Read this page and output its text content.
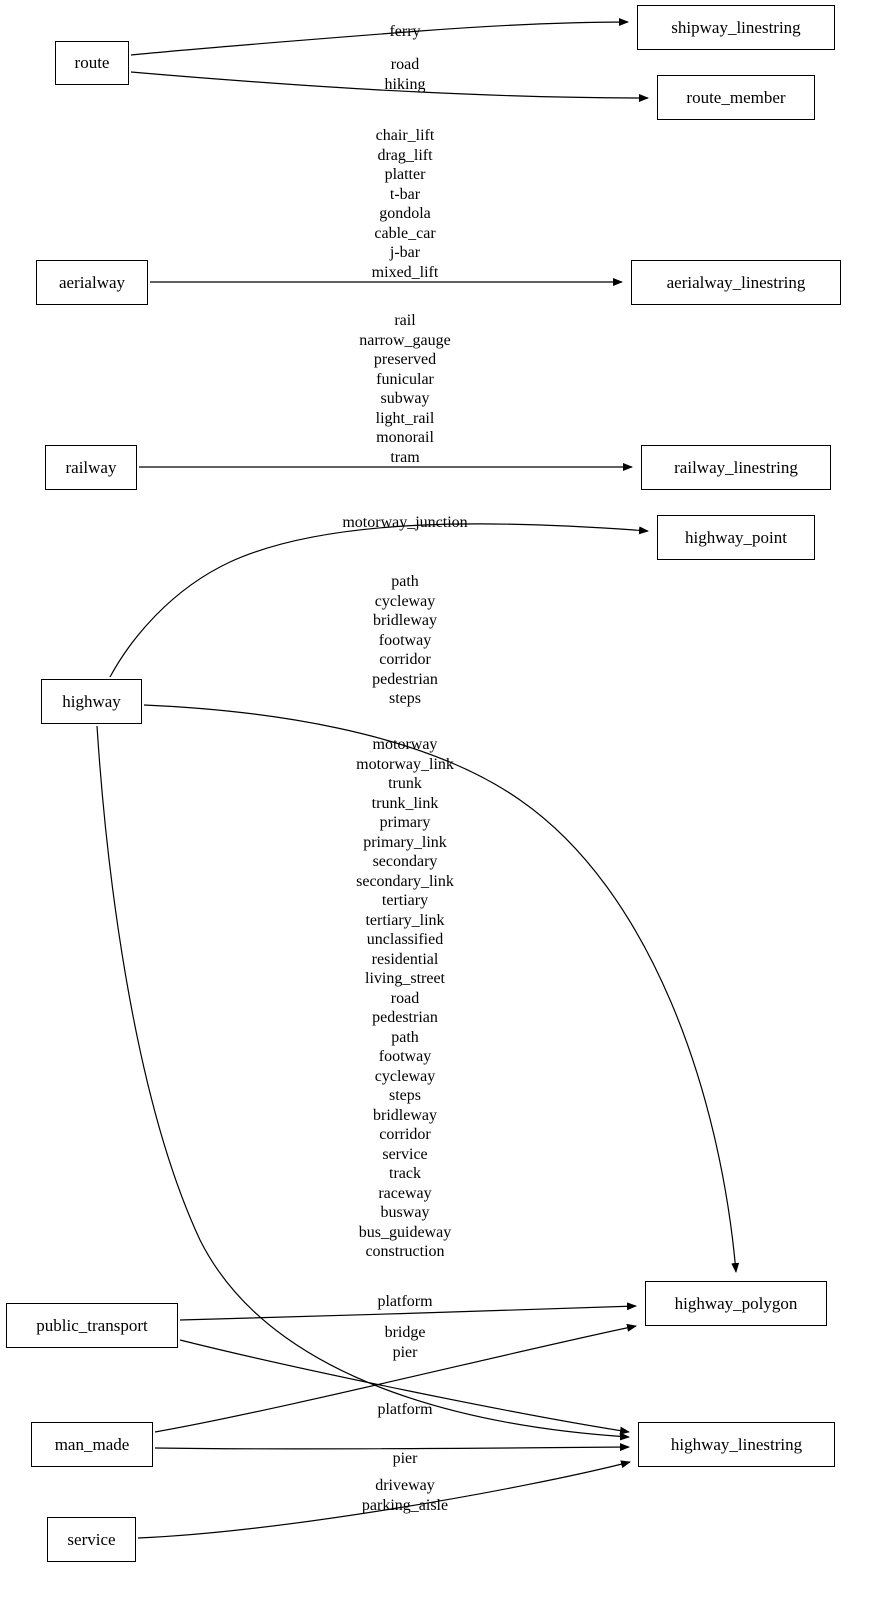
route
shipway_linestring
route_member
aerialway	aerialway_linestring
railway	railway_linestring
highway_point
highway
highway_polygon
public_transport
man_made	highway_linestring
service
ferry
road
hiking
chair_lift
drag_lift
platter
t-bar
gondola
cable_car
j-bar
mixed_lift
rail
narrow_gauge
preserved
funicular
subway
light_rail
monorail
tram
motorway_junction
path
cycleway
bridleway
footway
corridor
pedestrian
steps
motorway
motorway_link
trunk
trunk_link
primary
primary_link
secondary
secondary_link
tertiary
tertiary_link
unclassified
residential
living_street
road
pedestrian
path
footway
cycleway
steps
bridleway
corridor
service
track
raceway
busway
bus_guideway
construction
platform
platform
bridge
pier
pier
driveway
parking_aisle
